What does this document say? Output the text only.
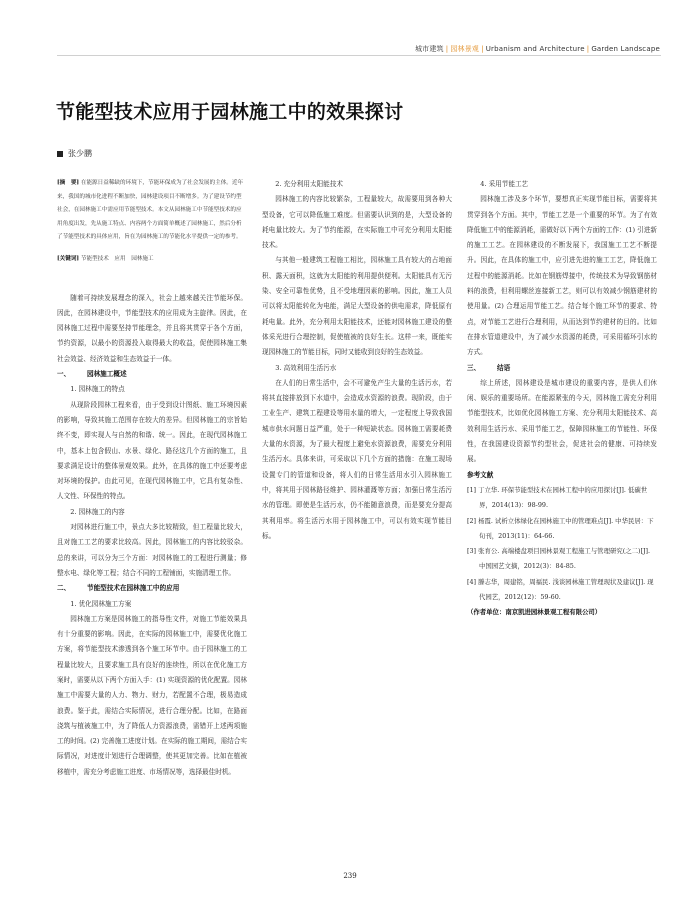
城市建筑 | 园林景观 | Urbanism and Architecture | Garden Landscape
节能型技术应用于园林施工中的效果探讨
张少鹏
[摘　要] 在能源日益稀缺的环境下，节能环保成为了社会发展的主体。近年来，我国的城市化进程不断加快，园林建设项目不断增多。为了建设节约型社会，在园林施工中需应用节能型技术。本文从园林施工中节能型技术的应用角度出发，先从施工特点、内容两个方面简单概述了园林施工，然后分析了节能型技术的具体应用，旨在为园林施工的节能化水平提供一定的参考。
[关键词] 节能型技术　应用　园林施工

随着可持续发展理念的深入，社会上越来越关注节能环保。因此，在园林建设中，节能型技术的应用成为主旋律。因此，在园林施工过程中需要坚持节能理念，并且将其贯穿于各个方面，节约资源，以最小的资源投入取得最大的收益，促使园林施工集社会效益、经济效益和生态效益于一体。

一、	园林施工概述

1. 园林施工的特点

从现阶段园林工程来看，由于受到设计图纸、施工环境因素的影响，导致其施工范围存在较大的差异。但园林施工的宗旨始终不变，即实现人与自然的和谐、统一。因此，在现代园林施工中，基本上包含假山、水景、绿化、路径这几个方面的施工，且要求满足设计的整体景观效果。此外，在具体的施工中还要考虑对环境的保护。由此可见，在现代园林施工中，它具有复杂性、人文性、环保性的特点。

2. 园林施工的内容

对园林进行施工中，景点大多比较精致，但工程量比较大，且对施工工艺的要求比较高。因此，园林施工的内容比较驳杂。总的来讲，可以分为三个方面：对园林施工的工程进行测量；修整水电、绿化等工程；结合不同的工程铺面，实施清理工作。

二、	节能型技术在园林施工中的应用

1. 优化园林施工方案

园林施工方案是园林施工的指导性文件，对施工节能效果具有十分重要的影响。因此，在实际的园林施工中，需要优化施工方案，将节能型技术渗透到各个施工环节中。由于园林施工的工程量比较大，且要求施工具有良好的连续性，所以在优化施工方案时，需要从以下两个方面入手：(1) 实现资源的优化配置。园林施工中需要大量的人力、物力、财力，若配置不合理，极易造成浪费。鉴于此，需结合实际情况，进行合理分配。比如，在路面浇筑与植被施工中，为了降低人力资源浪费，需错开上述两项施工的时间。(2) 完善施工进度计划。在实际的施工期间，需结合实际情况，对进度计划进行合理调整，使其更加完善。比如在植被移植中，需充分考虑施工进度、市场情况等，选择最佳时机。

2. 充分利用太阳能技术

园林施工的内容比较繁杂，工程量较大，故需要用到各种大型设备，它可以降低施工难度。但需要认识到的是，大型设备的耗电量比较大。为了节约能源，在实际施工中可充分利用太阳能技术。

与其他一般建筑工程施工相比，园林施工具有较大的占地面积、露天面积，这就为太阳能的利用提供便利。太阳能具有无污染、安全可靠性优势，且不受地理因素的影响。因此，施工人员可以将太阳能转化为电能，满足大型设备的供电需求，降低原有耗电量。此外，充分利用太阳能技术，还能对园林施工建设的整体采光进行合理控制，促使植被的良好生长。这样一来，既能实现园林施工的节能目标，同时又能收到良好的生态效益。

3. 高效利用生活污水

在人们的日常生活中，会不可避免产生大量的生活污水，若将其直接排放到下水道中，会造成水资源的浪费。现阶段，由于工业生产、建筑工程建设等用水量的增大，一定程度上导致我国城市供水问题日益严重，处于一种短缺状态。园林施工需要耗费大量的水资源，为了最大程度上避免水资源浪费，需要充分利用生活污水。具体来讲，可采取以下几个方面的措施：在施工现场设置专门的管道和设备，将人们的日常生活用水引入园林施工中，将其用于园林路径维护、园林灌溉等方面；加强日常生活污水的管理。即使是生活污水，仍不能随意浪费，而是要充分提高其利用率。将生活污水用于园林施工中，可以有效实现节能目标。

4. 采用节能工艺

园林施工涉及多个环节，要想真正实现节能目标，需要将其贯穿到各个方面。其中，节能工艺是一个重要的环节。为了有效降低施工中的能源消耗，需做好以下两个方面的工作：(1) 引进新的施工工艺。在园林建设的不断发展下，我国施工工艺不断提升。因此，在具体的施工中，应引进先进的施工工艺，降低施工过程中的能源消耗。比如在钢筋焊接中，传统技术为导致钢筋材料的浪费，但利用螺丝连接新工艺，则可以有效减少钢筋建材的使用量。(2) 合理运用节能工艺。结合每个施工环节的要求、特点，对节能工艺进行合理利用，从而达到节约建材的目的。比如在排水管道建设中，为了减少水资源的耗费，可采用循环引水的方式。

三、	结语

综上所述，园林建设是城市建设的重要内容，是供人们休闲、娱乐的重要场所。在能源紧张的今天，园林施工需充分利用节能型技术，比如优化园林施工方案、充分利用太阳能技术、高效利用生活污水、采用节能工艺，保障园林施工的节能性、环保性，在我国建设资源节约型社会，促进社会的健康、可持续发展。

参考文献
[1] 丁立华. 环保节能型技术在园林工程中的应用探讨[J]. 低碳世界，2014(13)：98-99.
[2] 杨霞. 试析立体绿化在园林施工中的管理难点[J]. 中华民居：下旬刊，2013(11)：64-66.
[3] 张育公. 高端楼盘项目园林景观工程施工与管理研究(之二)[J]. 中国园艺文摘，2012(3)：84-85.
[4] 滕志华，周建铭，周福民. 浅谈园林施工管理现状及建议[J]. 现代园艺，2012(12)：59-60.
（作者单位：南京凯进园林景观工程有限公司）
239
